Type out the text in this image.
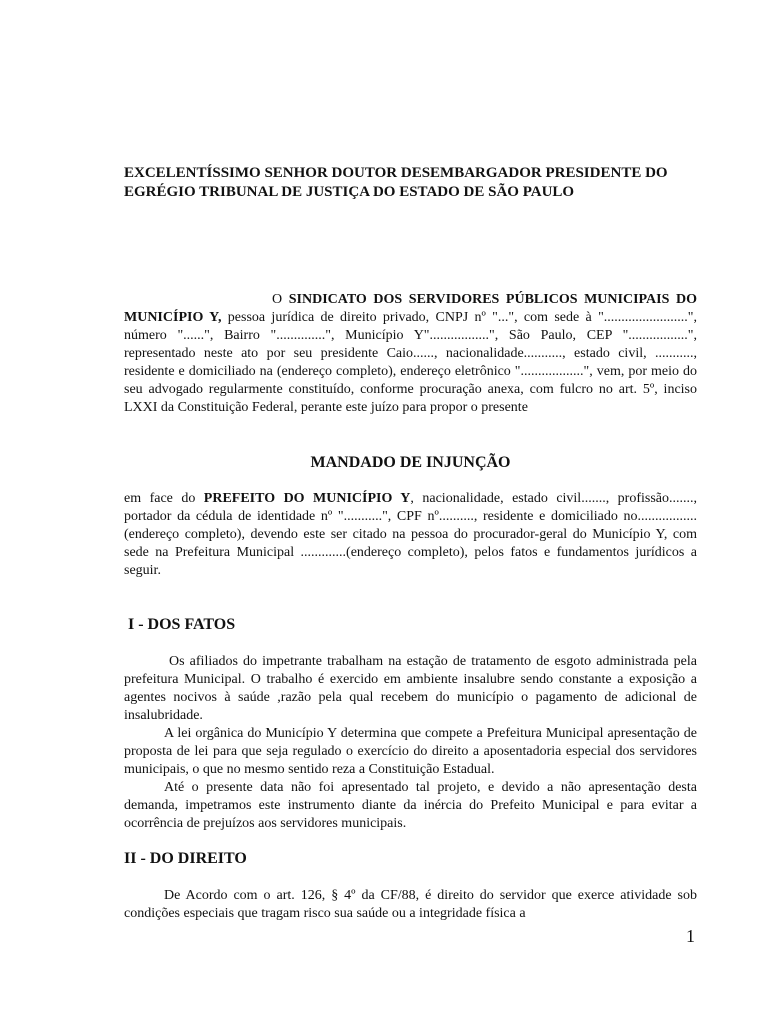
EXCELENTÍSSIMO SENHOR DOUTOR DESEMBARGADOR PRESIDENTE DO EGRÉGIO TRIBUNAL DE JUSTIÇA DO ESTADO DE SÃO PAULO
O SINDICATO DOS SERVIDORES PÚBLICOS MUNICIPAIS DO MUNICÍPIO Y, pessoa jurídica de direito privado, CNPJ nº "...", com sede à "........................", número "......", Bairro "..............", Município Y".................", São Paulo, CEP ".................", representado neste ato por seu presidente Caio......, nacionalidade..........., estado civil, ..........., residente e domiciliado na (endereço completo), endereço eletrônico "..................", vem, por meio do seu advogado regularmente constituído, conforme procuração anexa, com fulcro no art. 5º, inciso LXXI da Constituição Federal, perante este juízo para propor o presente
MANDADO DE INJUNÇÃO
em face do PREFEITO DO MUNICÍPIO Y, nacionalidade, estado civil......., profissão......., portador da cédula de identidade nº "...........", CPF nº.........., residente e domiciliado no................. (endereço completo), devendo este ser citado na pessoa do procurador-geral do Município Y, com sede na Prefeitura Municipal .............(endereço completo), pelos fatos e fundamentos jurídicos a seguir.
I - DOS FATOS

Os afiliados do impetrante trabalham na estação de tratamento de esgoto administrada pela prefeitura Municipal. O trabalho é exercido em ambiente insalubre sendo constante a exposição a agentes nocivos à saúde ,razão pela qual recebem do município o pagamento de adicional de insalubridade.

A lei orgânica do Município Y determina que compete a Prefeitura Municipal apresentação de proposta de lei para que seja regulado o exercício do direito a aposentadoria especial dos servidores municipais, o que no mesmo sentido reza a Constituição Estadual.

Até o presente data não foi apresentado tal projeto, e devido a não apresentação desta demanda, impetramos este instrumento diante da inércia do Prefeito Municipal e para evitar a ocorrência de prejuízos aos servidores municipais.

II - DO DIREITO
De Acordo com o art. 126, § 4º da CF/88, é direito do servidor que exerce atividade sob condições especiais que tragam risco sua saúde ou a integridade física a
1
